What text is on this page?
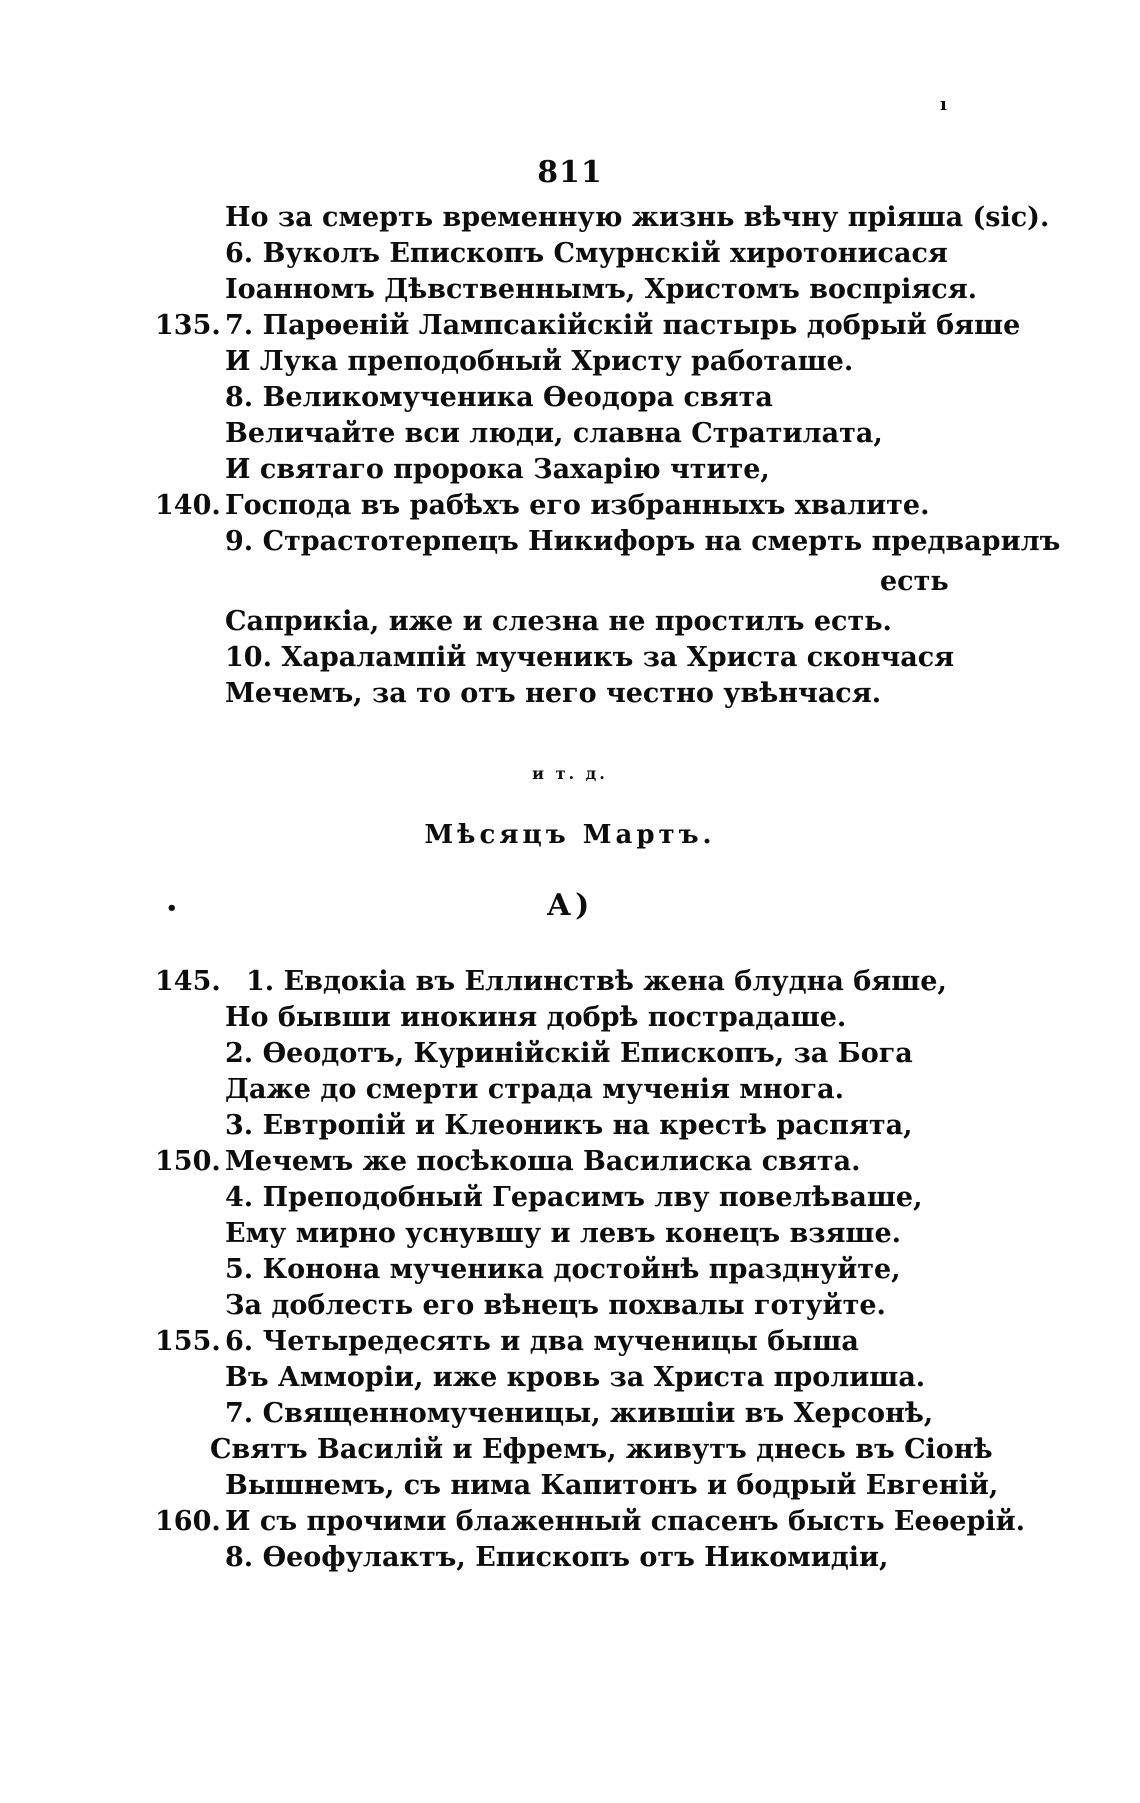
ı
•
811
Но за смерть временную жизнь вѣчну пріяша (sic).
6. Вуколъ Епископъ Смурнскій хиротонисася
Іоанномъ Дѣвственнымъ, Христомъ воспріяся.
135. 7. Парѳеній Лампсакійскій пастырь добрый бяше
И Лука преподобный Христу работаше.
8. Великомученика Ѳеодора свята
Величайте вси люди, славна Стратилата,
И святаго пророка Захарію чтите,
140. Господа въ рабѣхъ его избранныхъ хвалите.
9. Страстотерпецъ Никифоръ на смерть предварилъ
есть
Саприкіа, иже и слезна не простилъ есть.
10. Харалампій мученикъ за Христа скончася
Мечемъ, за то отъ него честно увѣнчася.
и т. д.
Мѣсяцъ Мартъ.
А)
145. 1. Евдокіа въ Еллинствѣ жена блудна бяше,
Но бывши инокиня добрѣ пострадаше.
2. Ѳеодотъ, Куринійскій Епископъ, за Бога
Даже до смерти страда мученія многа.
3. Евтропій и Клеоникъ на крестѣ распята,
150. Мечемъ же посѣкоша Василиска свята.
4. Преподобный Герасимъ лву повелѣваше,
Ему мирно уснувшу и левъ конецъ взяше.
5. Конона мученика достойнѣ празднуйте,
За доблесть его вѣнецъ похвалы готуйте.
155. 6. Четыредесять и два мученицы быша
Въ Амморіи, иже кровь за Христа пролиша.
7. Священномученицы, жившіи въ Херсонѣ,
Святъ Василій и Ефремъ, живутъ днесь въ Сіонѣ
Вышнемъ, съ нима Капитонъ и бодрый Евгеній,
160. И съ прочими блаженный спасенъ бысть Ееѳерій.
8. Ѳеофулактъ, Епископъ отъ Никомидіи,
